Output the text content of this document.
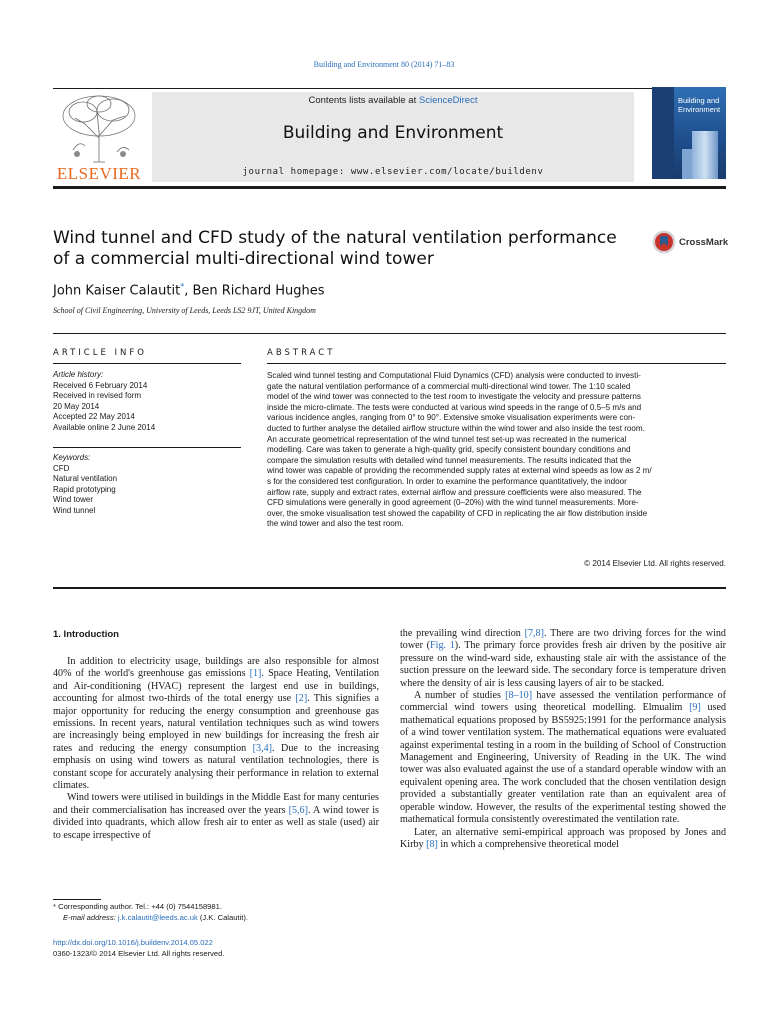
Building and Environment 80 (2014) 71–83
ELSEVIER
Contents lists available at ScienceDirect
Building and Environment
journal homepage: www.elsevier.com/locate/buildenv
Building and
Environment
Wind tunnel and CFD study of the natural ventilation performance
of a commercial multi-directional wind tower
CrossMark
John Kaiser Calautit*, Ben Richard Hughes
School of Civil Engineering, University of Leeds, Leeds LS2 9JT, United Kingdom
ARTICLE INFO
Article history:
Received 6 February 2014
Received in revised form
20 May 2014
Accepted 22 May 2014
Available online 2 June 2014
Keywords:
CFD
Natural ventilation
Rapid prototyping
Wind tower
Wind tunnel
ABSTRACT
Scaled wind tunnel testing and Computational Fluid Dynamics (CFD) analysis were conducted to investi-
gate the natural ventilation performance of a commercial multi-directional wind tower. The 1:10 scaled
model of the wind tower was connected to the test room to investigate the velocity and pressure patterns
inside the micro-climate. The tests were conducted at various wind speeds in the range of 0.5–5 m/s and
various incidence angles, ranging from 0° to 90°. Extensive smoke visualisation experiments were con-
ducted to further analyse the detailed airflow structure within the wind tower and also inside the test room.
An accurate geometrical representation of the wind tunnel test set-up was recreated in the numerical
modelling. Care was taken to generate a high-quality grid, specify consistent boundary conditions and
compare the simulation results with detailed wind tunnel measurements. The results indicated that the
wind tower was capable of providing the recommended supply rates at external wind speeds as low as 2 m/
s for the considered test configuration. In order to examine the performance quantitatively, the indoor
airflow rate, supply and extract rates, external airflow and pressure coefficients were also measured. The
CFD simulations were generally in good agreement (0–20%) with the wind tunnel measurements. More-
over, the smoke visualisation test showed the capability of CFD in replicating the air flow distribution inside
the wind tower and also the test room.
© 2014 Elsevier Ltd. All rights reserved.
1. Introduction

In addition to electricity usage, buildings are also responsible for almost 40% of the world's greenhouse gas emissions [1]. Space Heating, Ventilation and Air-conditioning (HVAC) represent the largest end use in buildings, accounting for almost two-thirds of the total energy use [2]. This signifies a major opportunity for reducing the energy consumption and greenhouse gas emissions. In recent years, natural ventilation techniques such as wind towers are increasingly being employed in new buildings for increasing the fresh air rates and reducing the energy consumption [3,4]. Due to the increasing emphasis on using wind towers as natural ventilation technologies, there is constant scope for accurately analysing their performance in relation to external climates.

Wind towers were utilised in buildings in the Middle East for many centuries and their commercialisation has increased over the years [5,6]. A wind tower is divided into quadrants, which allow fresh air to enter as well as stale (used) air to escape irrespective of

the prevailing wind direction [7,8]. There are two driving forces for the wind tower (Fig. 1). The primary force provides fresh air driven by the positive air pressure on the wind-ward side, exhausting stale air with the assistance of the suction pressure on the leeward side. The secondary force is temperature driven where the density of air is less causing layers of air to be stacked.

A number of studies [8–10] have assessed the ventilation performance of commercial wind towers using theoretical modelling. Elmualim [9] used mathematical equations proposed by BS5925:1991 for the performance analysis of a wind tower ventilation system. The mathematical equations were evaluated against experimental testing in a room in the building of School of Construction Management and Engineering, University of Reading in the UK. The wind tower was also evaluated against the use of a standard operable window with an equivalent opening area. The work concluded that the chosen ventilation design provided a substantially greater ventilation rate than an equivalent area of operable window. However, the results of the experimental testing showed the mathematical formula consistently overestimated the ventilation rate.

Later, an alternative semi-empirical approach was proposed by Jones and Kirby [8] in which a comprehensive theoretical model

* Corresponding author. Tel.: +44 (0) 7544158981.
E-mail address: j.k.calautit@leeds.ac.uk (J.K. Calautit).
http://dx.doi.org/10.1016/j.buildenv.2014.05.022
0360-1323/© 2014 Elsevier Ltd. All rights reserved.
